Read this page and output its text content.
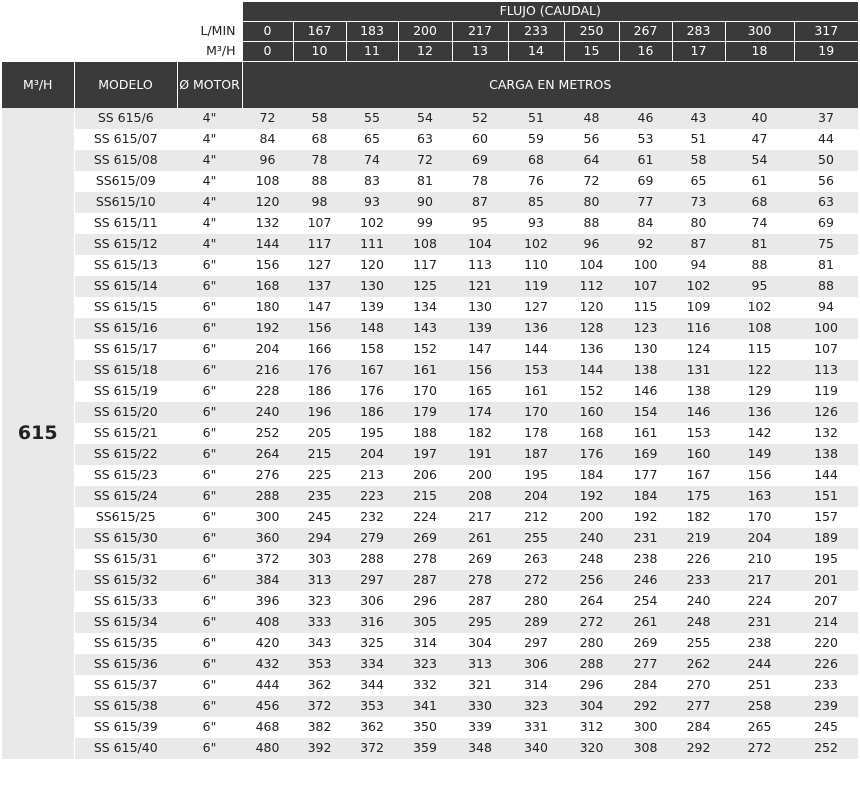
			FLUJO (CAUDAL)										
		L/MIN	0	167	183	200	217	233	250	267	283	300	317
		M³/H	0	10	11	12	13	14	15	16	17	18	19
M³/H	MODELO	Ø MOTOR	CARGA EN METROS										
615	SS 615/6	4"	72	58	55	54	52	51	48	46	43	40	37
	SS 615/07	4"	84	68	65	63	60	59	56	53	51	47	44
	SS 615/08	4"	96	78	74	72	69	68	64	61	58	54	50
	SS615/09	4"	108	88	83	81	78	76	72	69	65	61	56
	SS615/10	4"	120	98	93	90	87	85	80	77	73	68	63
	SS 615/11	4"	132	107	102	99	95	93	88	84	80	74	69
	SS 615/12	4"	144	117	111	108	104	102	96	92	87	81	75
	SS 615/13	6"	156	127	120	117	113	110	104	100	94	88	81
	SS 615/14	6"	168	137	130	125	121	119	112	107	102	95	88
	SS 615/15	6"	180	147	139	134	130	127	120	115	109	102	94
	SS 615/16	6"	192	156	148	143	139	136	128	123	116	108	100
	SS 615/17	6"	204	166	158	152	147	144	136	130	124	115	107
	SS 615/18	6"	216	176	167	161	156	153	144	138	131	122	113
	SS 615/19	6"	228	186	176	170	165	161	152	146	138	129	119
	SS 615/20	6"	240	196	186	179	174	170	160	154	146	136	126
	SS 615/21	6"	252	205	195	188	182	178	168	161	153	142	132
	SS 615/22	6"	264	215	204	197	191	187	176	169	160	149	138
	SS 615/23	6"	276	225	213	206	200	195	184	177	167	156	144
	SS 615/24	6"	288	235	223	215	208	204	192	184	175	163	151
	SS615/25	6"	300	245	232	224	217	212	200	192	182	170	157
	SS 615/30	6"	360	294	279	269	261	255	240	231	219	204	189
	SS 615/31	6"	372	303	288	278	269	263	248	238	226	210	195
	SS 615/32	6"	384	313	297	287	278	272	256	246	233	217	201
	SS 615/33	6"	396	323	306	296	287	280	264	254	240	224	207
	SS 615/34	6"	408	333	316	305	295	289	272	261	248	231	214
	SS 615/35	6"	420	343	325	314	304	297	280	269	255	238	220
	SS 615/36	6"	432	353	334	323	313	306	288	277	262	244	226
	SS 615/37	6"	444	362	344	332	321	314	296	284	270	251	233
	SS 615/38	6"	456	372	353	341	330	323	304	292	277	258	239
	SS 615/39	6"	468	382	362	350	339	331	312	300	284	265	245
	SS 615/40	6"	480	392	372	359	348	340	320	308	292	272	252
